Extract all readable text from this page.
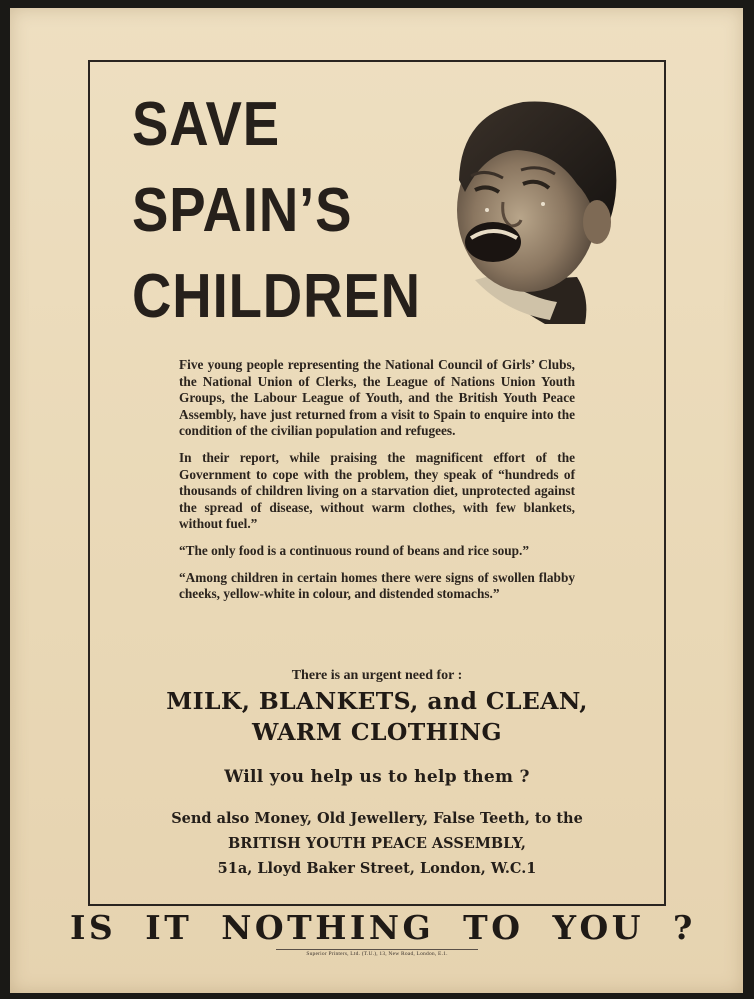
SAVE
SPAIN’S
CHILDREN

Five young people representing the National Council of Girls’ Clubs, the National Union of Clerks, the League of Nations Union Youth Groups, the Labour League of Youth, and the British Youth Peace Assembly, have just returned from a visit to Spain to enquire into the condition of the civilian population and refugees.

In their report, while praising the magnificent effort of the Government to cope with the problem, they speak of “hundreds of thousands of children living on a starvation diet, unprotected against the spread of disease, without warm clothes, with few blankets, without fuel.”

“The only food is a continuous round of beans and rice soup.”

“Among children in certain homes there were signs of swollen flabby cheeks, yellow-white in colour, and distended stomachs.”

There is an urgent need for :
MILK, BLANKETS, and CLEAN,
WARM CLOTHING
Will you help us to help them ?
Send also Money, Old Jewellery, False Teeth, to the
BRITISH YOUTH PEACE ASSEMBLY,
51a, Lloyd Baker Street, London, W.C.1
IS IT NOTHING TO YOU ?
Superior Printers, Ltd. (T.U.), 13, New Road, London, E.1.
